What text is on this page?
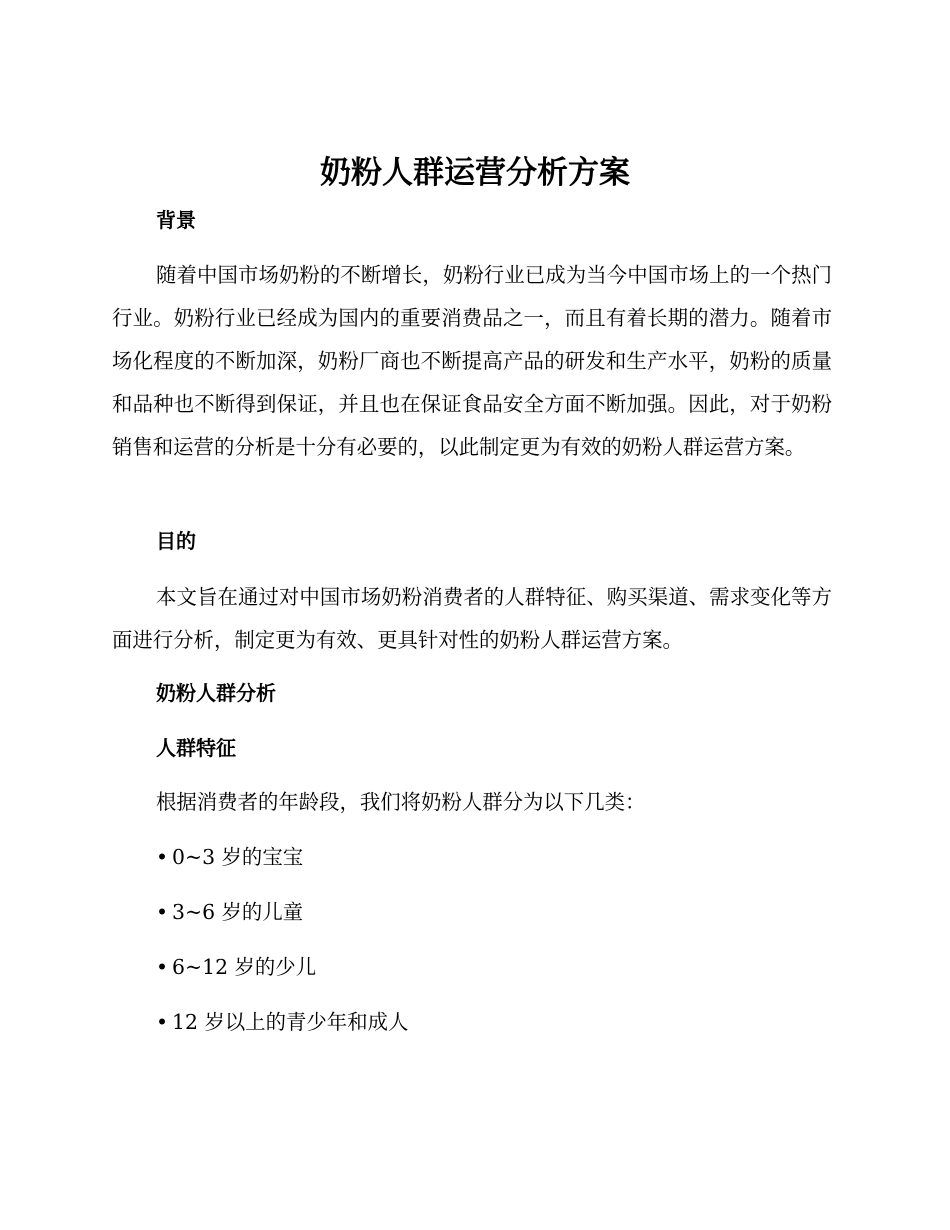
奶粉人群运营分析方案
背景

随着中国市场奶粉的不断增长，奶粉行业已成为当今中国市场上的一个热门行业。奶粉行业已经成为国内的重要消费品之一，而且有着长期的潜力。随着市场化程度的不断加深，奶粉厂商也不断提高产品的研发和生产水平，奶粉的质量和品种也不断得到保证，并且也在保证食品安全方面不断加强。因此，对于奶粉销售和运营的分析是十分有必要的，以此制定更为有效的奶粉人群运营方案。

目的

本文旨在通过对中国市场奶粉消费者的人群特征、购买渠道、需求变化等方面进行分析，制定更为有效、更具针对性的奶粉人群运营方案。

奶粉人群分析
人群特征

根据消费者的年龄段，我们将奶粉人群分为以下几类：

• 0~3 岁的宝宝
• 3~6 岁的儿童
• 6~12 岁的少儿
• 12 岁以上的青少年和成人
